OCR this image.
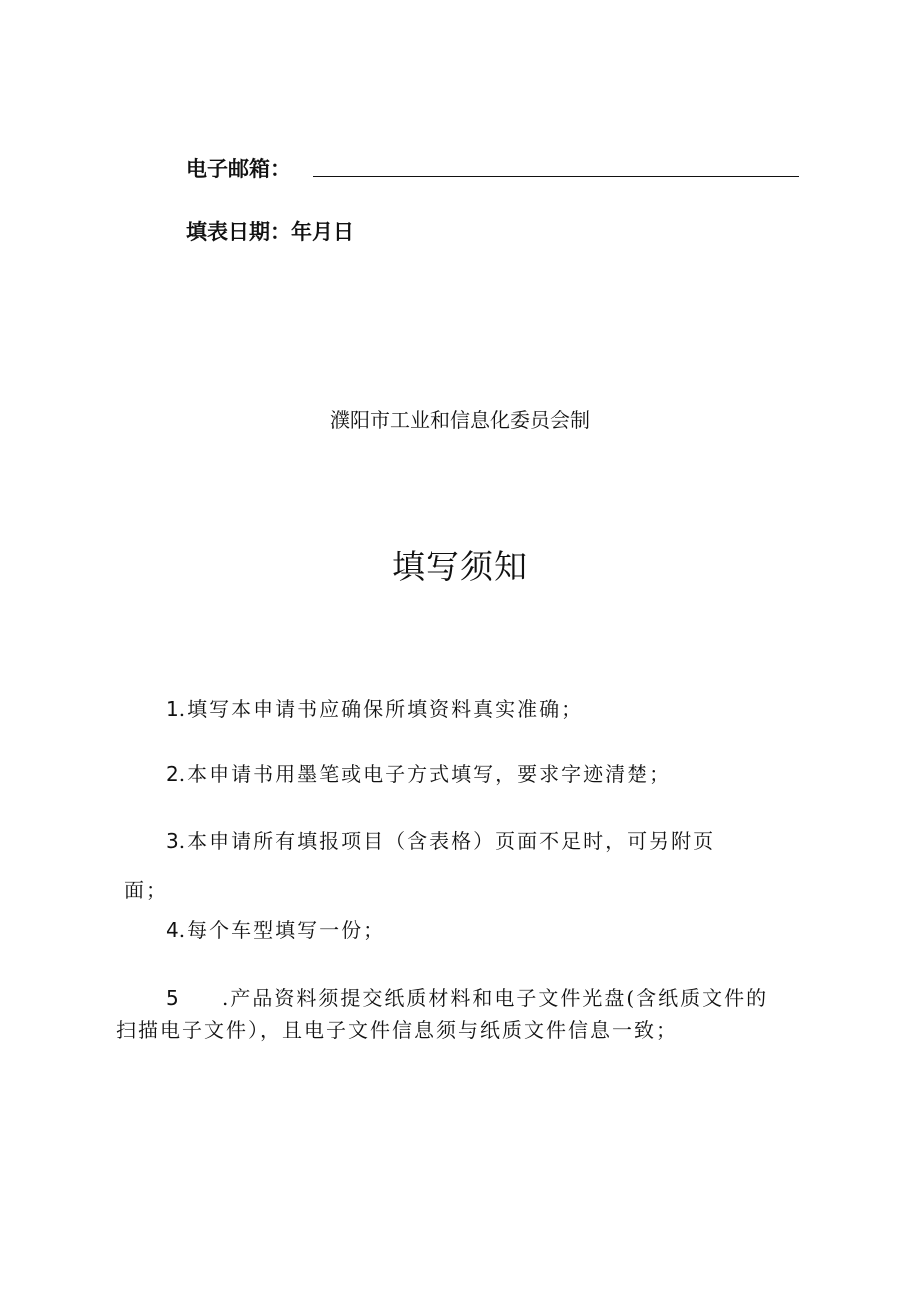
电子邮箱：
填表日期：年月日
濮阳市工业和信息化委员会制
填写须知
1.填写本申请书应确保所填资料真实准确；
2.本申请书用墨笔或电子方式填写，要求字迹清楚；
3.本申请所有填报项目（含表格）页面不足时，可另附页
面；
4.每个车型填写一份；
5 .产品资料须提交纸质材料和电子文件光盘(含纸质文件的
扫描电子文件），且电子文件信息须与纸质文件信息一致；
